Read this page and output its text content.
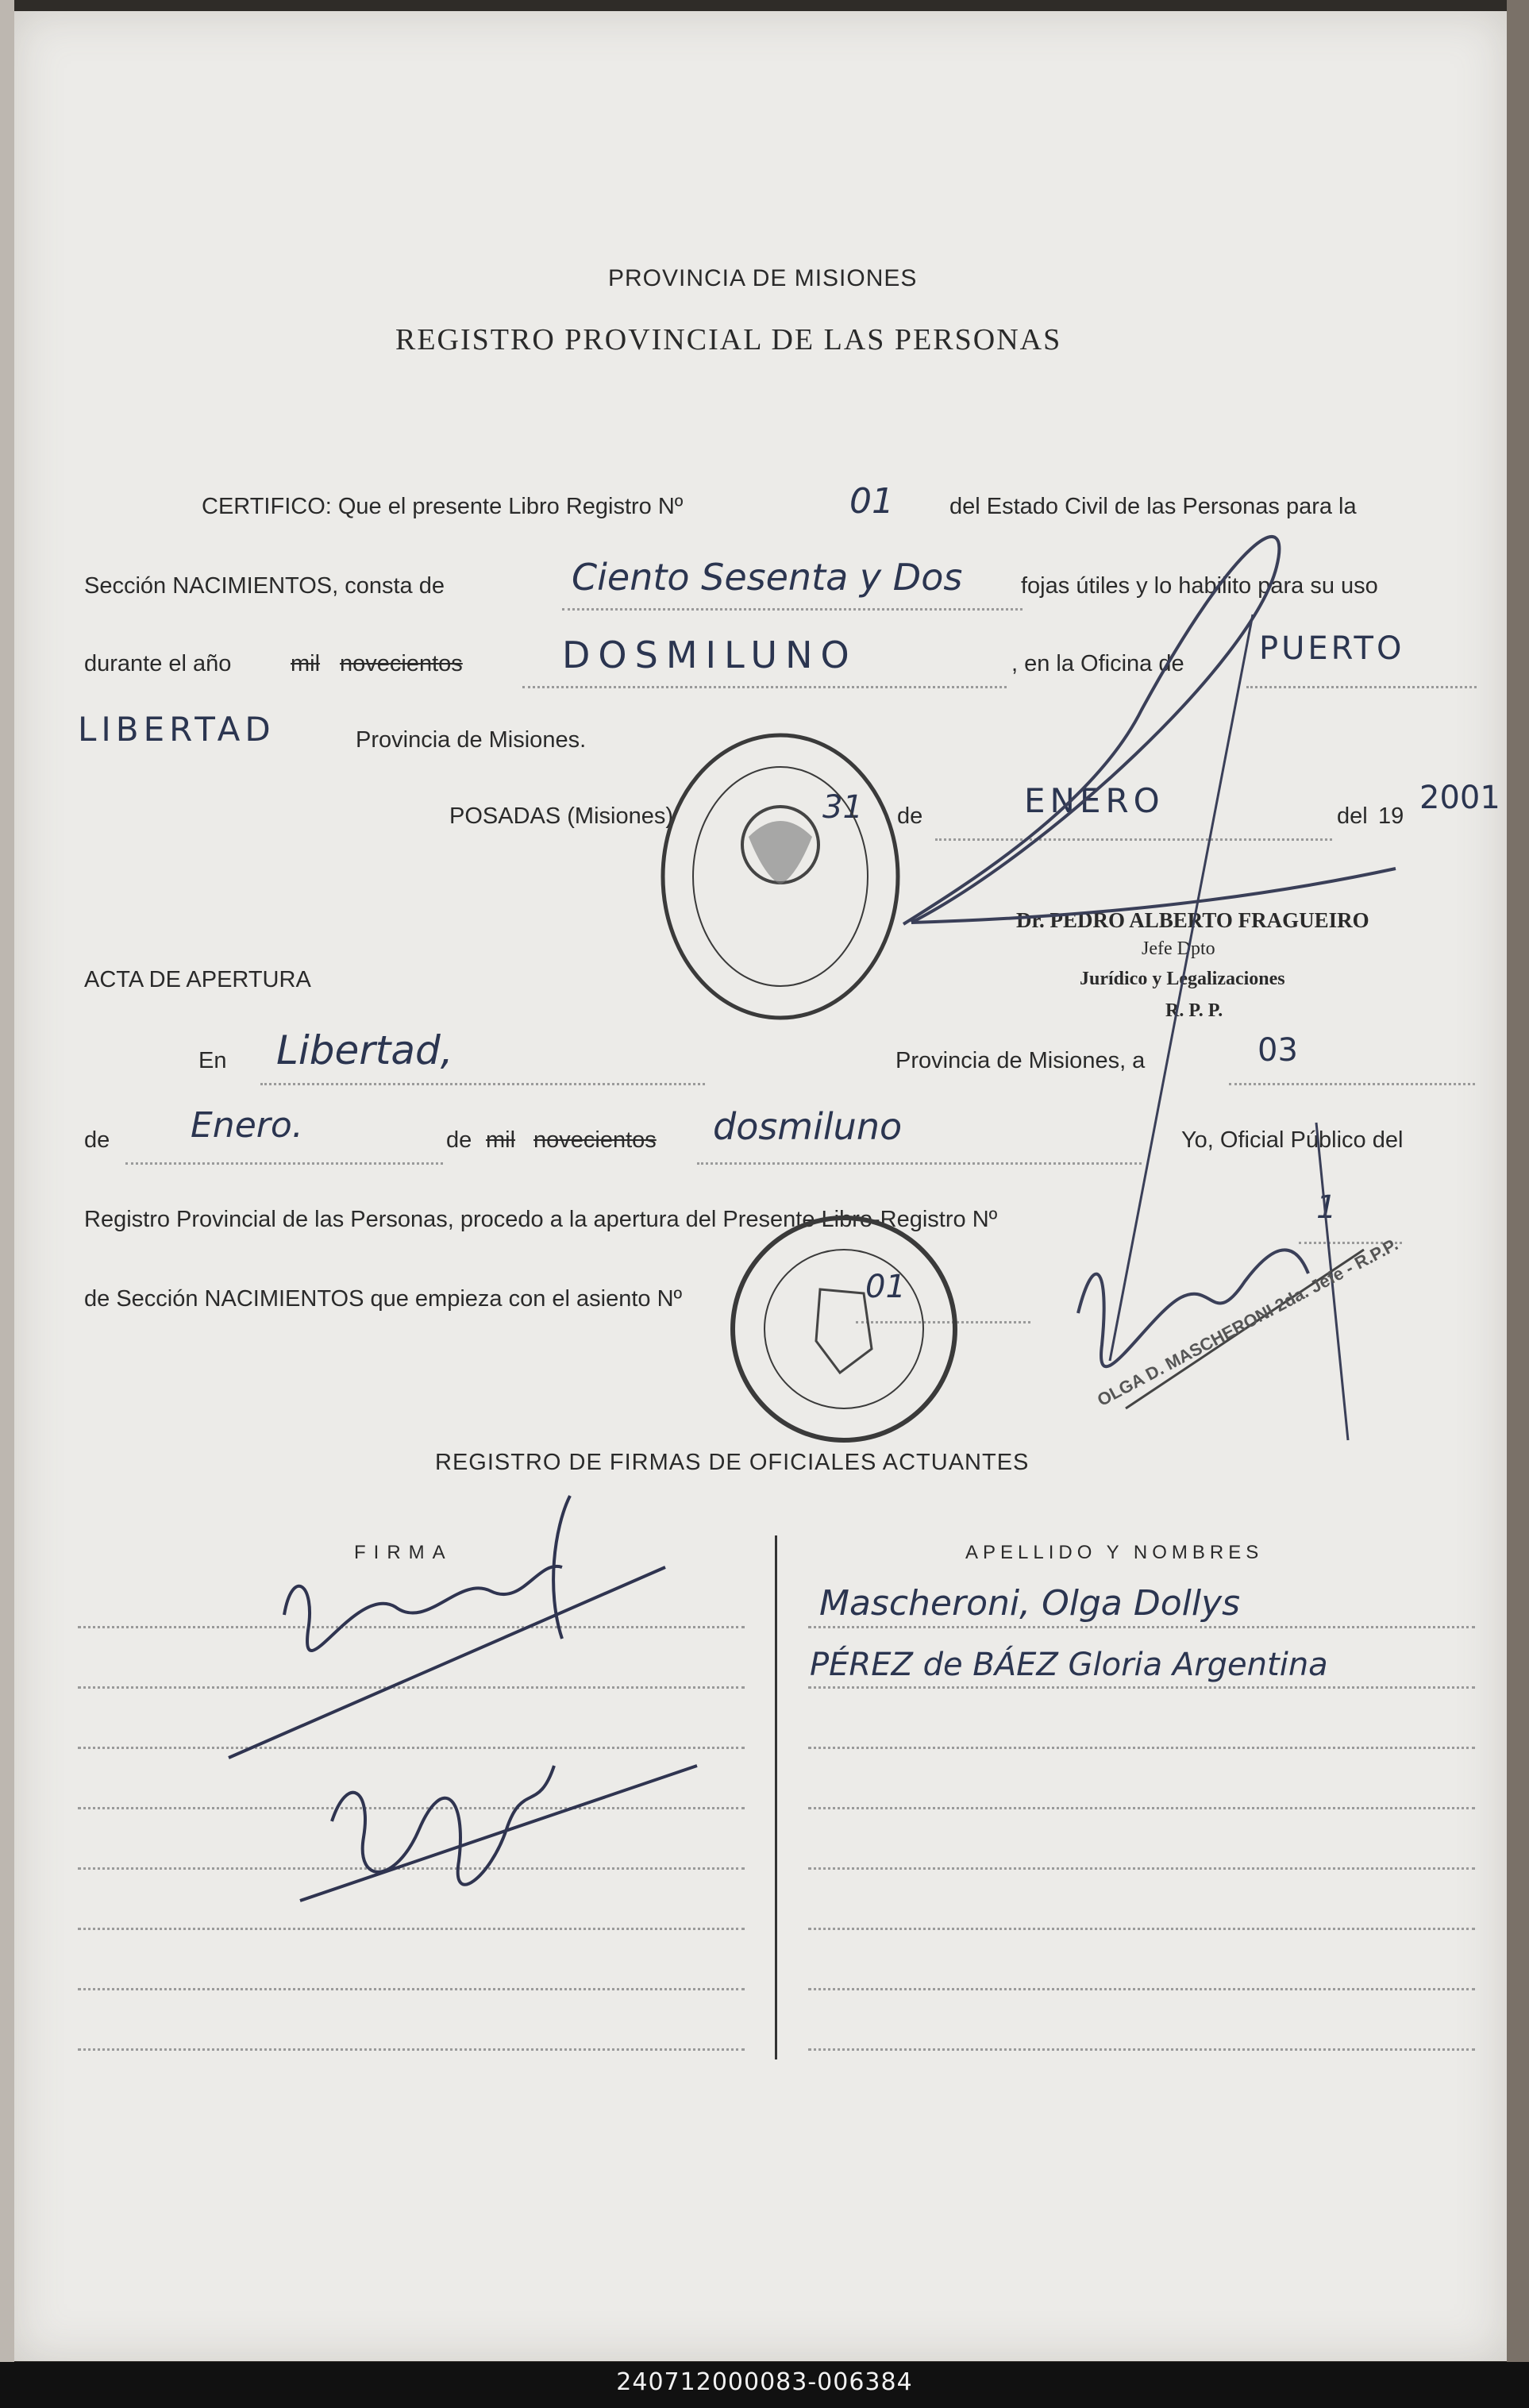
PROVINCIA DE MISIONES
REGISTRO PROVINCIAL DE LAS PERSONAS
CERTIFICO: Que el presente Libro Registro Nº	01 del Estado Civil de las Personas para la
Sección NACIMIENTOS, consta de	Ciento Sesenta y Dos	fojas útiles y lo habilito para su uso
durante el año	mil novecientos	DOSMILUNO	, en la Oficina de PUERTO
LIBERTAD	Provincia de Misiones.
POSADAS (Misiones)	31 de	ENERO	del 19 2001
Dr. PEDRO ALBERTO FRAGUEIRO
Jefe Dpto
Jurídico y Legalizaciones
R. P. P.
ACTA DE APERTURA
En Libertad,	Provincia de Misiones, a	03
de Enero.	de mil novecientos dosmiluno	Yo, Oficial Público del
Registro Provincial de las Personas, procedo a la apertura del Presente Libro-Registro Nº	1
de Sección NACIMIENTOS que empieza con el asiento Nº	01
REGISTRO DE FIRMAS DE OFICIALES ACTUANTES
FIRMA	APELLIDO Y NOMBRES
Mascheroni, Olga Dollys
PÉREZ de BÁEZ Gloria Argentina
OLGA D. MASCHERONI 2da. Jefe - R.P.P.
240712000083-006384
